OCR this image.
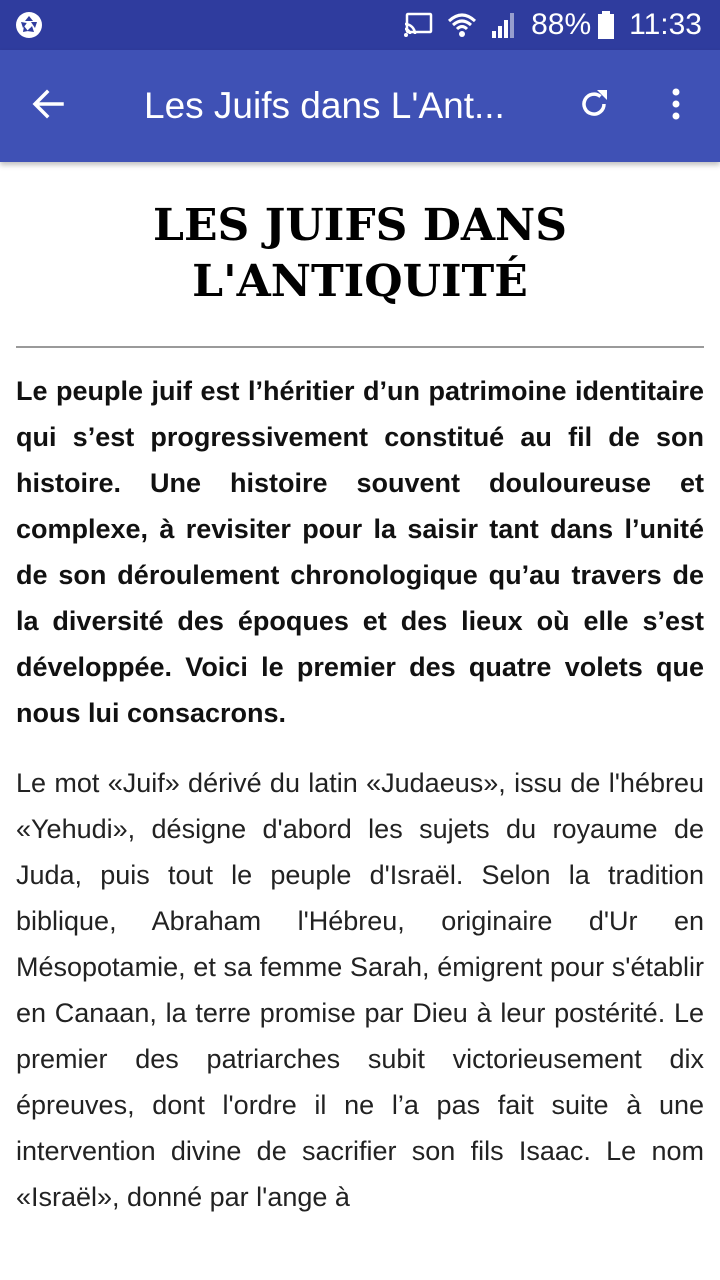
88% 11:33
Les Juifs dans L'Ant...
LES JUIFS DANS L'ANTIQUITÉ

Le peuple juif est l’héritier d’un patrimoine identitaire qui s’est progressivement constitué au fil de son histoire. Une histoire souvent douloureuse et complexe, à revisiter pour la saisir tant dans l’unité de son déroulement chronologique qu’au travers de la diversité des époques et des lieux où elle s’est développée. Voici le premier des quatre volets que nous lui consacrons.

Le mot «Juif» dérivé du latin «Judaeus», issu de l'hébreu «Yehudi», désigne d'abord les sujets du royaume de Juda, puis tout le peuple d'Israël. Selon la tradition biblique, Abraham l'Hébreu, originaire d'Ur en Mésopotamie, et sa femme Sarah, émigrent pour s'établir en Canaan, la terre promise par Dieu à leur postérité. Le premier des patriarches subit victorieusement dix épreuves, dont l'ordre il ne l’a pas fait suite à une intervention divine de sacrifier son fils Isaac. Le nom «Israël», donné par l'ange à
